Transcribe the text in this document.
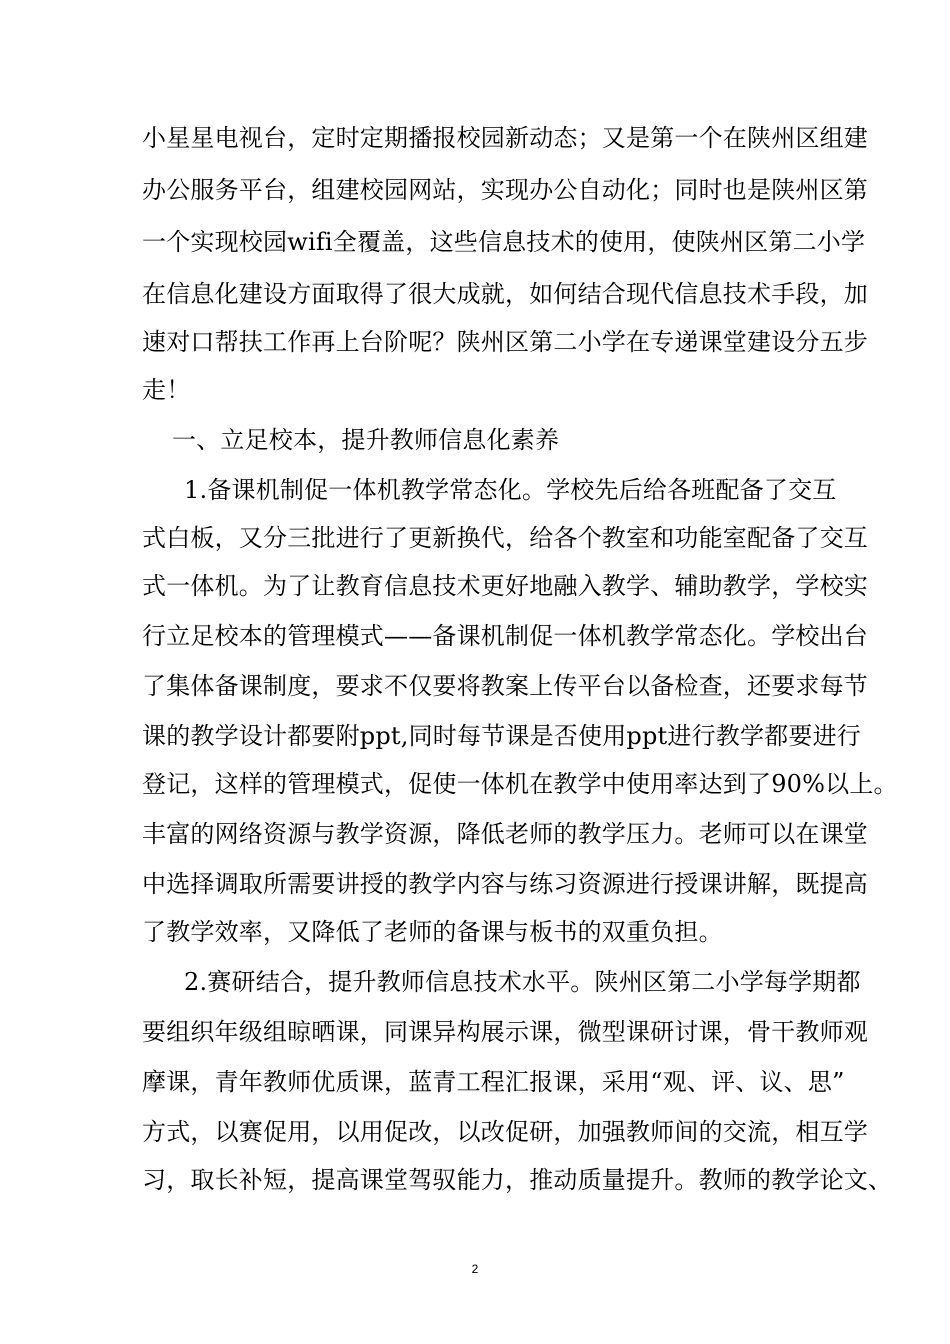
小星星电视台，定时定期播报校园新动态；又是第一个在陕州区组建
办公服务平台，组建校园网站，实现办公自动化；同时也是陕州区第
一个实现校园wifi全覆盖，这些信息技术的使用，使陕州区第二小学
在信息化建设方面取得了很大成就，如何结合现代信息技术手段，加
速对口帮扶工作再上台阶呢？陕州区第二小学在专递课堂建设分五步
走！
一、立足校本，提升教师信息化素养
1.备课机制促一体机教学常态化。学校先后给各班配备了交互
式白板，又分三批进行了更新换代，给各个教室和功能室配备了交互
式一体机。为了让教育信息技术更好地融入教学、辅助教学，学校实
行立足校本的管理模式——备课机制促一体机教学常态化。学校出台
了集体备课制度，要求不仅要将教案上传平台以备检查，还要求每节
课的教学设计都要附ppt,同时每节课是否使用ppt进行教学都要进行
登记，这样的管理模式，促使一体机在教学中使用率达到了90%以上。
丰富的网络资源与教学资源，降低老师的教学压力。老师可以在课堂
中选择调取所需要讲授的教学内容与练习资源进行授课讲解，既提高
了教学效率，又降低了老师的备课与板书的双重负担。
2.赛研结合，提升教师信息技术水平。陕州区第二小学每学期都
要组织年级组晾晒课，同课异构展示课，微型课研讨课，骨干教师观
摩课，青年教师优质课，蓝青工程汇报课，采用“观、评、议、思”
方式，以赛促用，以用促改，以改促研，加强教师间的交流，相互学
习，取长补短，提高课堂驾驭能力，推动质量提升。教师的教学论文、
2
